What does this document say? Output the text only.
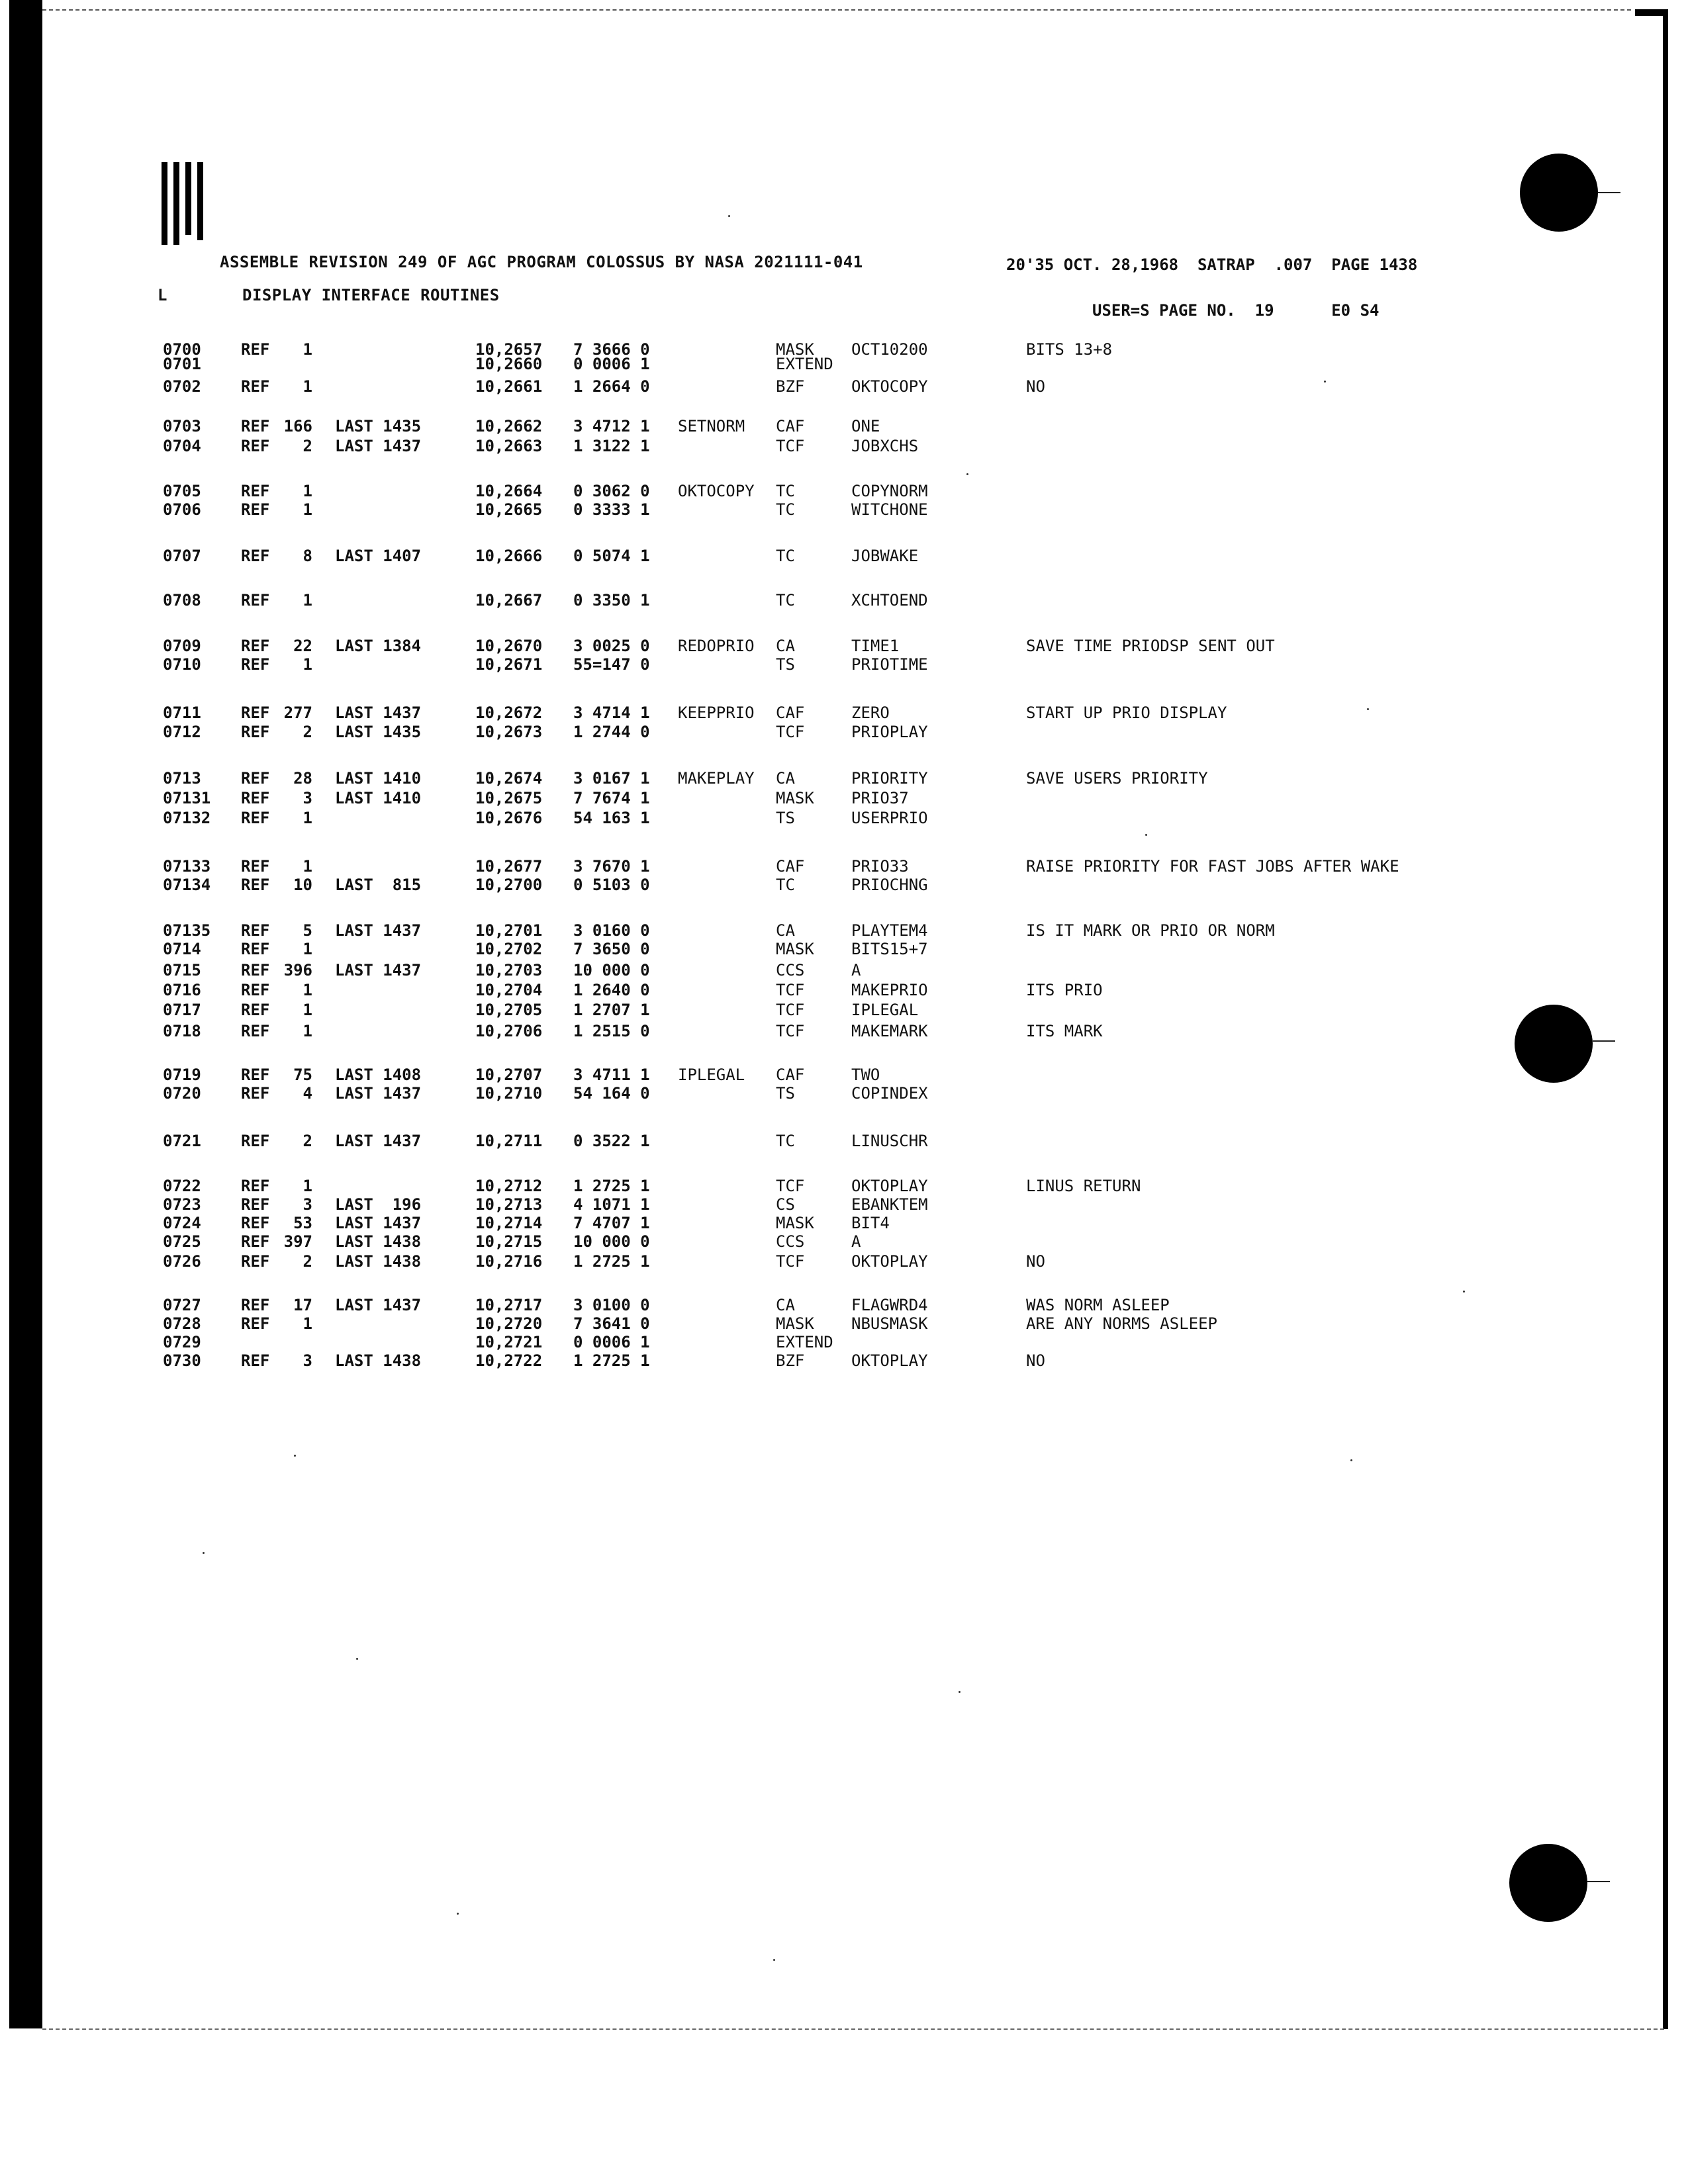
ASSEMBLE REVISION 249 OF AGC PROGRAM COLOSSUS BY NASA 2021111-041	20'35 OCT. 28,1968  SATRAP  .007  PAGE 1438
L	DISPLAY INTERFACE ROUTINES
USER=S PAGE NO.  19      E0 S4
0700	REF	1	10,2657 7 3666 0	MASK OCT10200	BITS 13+8
0701	10,2660 0 0006 1	EXTEND
0702	REF	1	10,2661 1 2664 0	BZF	OKTOCOPY	NO
0703	REF 166 LAST 1435	10,2662 3 4712 1 SETNORM CAF	ONE
0704	REF	2 LAST 1437	10,2663 1 3122 1	TCF	JOBXCHS
0705	REF	1	10,2664 0 3062 0 OKTOCOPY TC	COPYNORM
0706	REF	1	10,2665 0 3333 1	TC	WITCHONE
0707	REF	8 LAST 1407	10,2666 0 5074 1	TC	JOBWAKE
0708	REF	1	10,2667 0 3350 1	TC	XCHTOEND
0709	REF	22 LAST 1384	10,2670 3 0025 0 REDOPRIO CA	TIME1	SAVE TIME PRIODSP SENT OUT
0710	REF	1	10,2671 55=147 0	TS	PRIOTIME
0711	REF 277 LAST 1437	10,2672 3 4714 1 KEEPPRIO CAF	ZERO	START UP PRIO DISPLAY
0712	REF	2 LAST 1435	10,2673 1 2744 0	TCF	PRIOPLAY
0713	REF	28 LAST 1410	10,2674 3 0167 1 MAKEPLAY CA	PRIORITY	SAVE USERS PRIORITY
07131 REF	3 LAST 1410	10,2675 7 7674 1	MASK PRIO37
07132 REF	1	10,2676 54 163 1	TS	USERPRIO
07133 REF	1	10,2677 3 7670 1	CAF	PRIO33	RAISE PRIORITY FOR FAST JOBS AFTER WAKE
07134 REF	10 LAST  815	10,2700 0 5103 0	TC	PRIOCHNG
07135 REF	5 LAST 1437	10,2701 3 0160 0	CA	PLAYTEM4	IS IT MARK OR PRIO OR NORM
0714	REF	1	10,2702 7 3650 0	MASK BITS15+7
0715	REF 396 LAST 1437	10,2703 10 000 0	CCS	A
0716	REF	1	10,2704 1 2640 0	TCF	MAKEPRIO	ITS PRIO
0717	REF	1	10,2705 1 2707 1	TCF	IPLEGAL
0718	REF	1	10,2706 1 2515 0	TCF	MAKEMARK	ITS MARK
0719	REF	75 LAST 1408	10,2707 3 4711 1 IPLEGAL CAF	TWO
0720	REF	4 LAST 1437	10,2710 54 164 0	TS	COPINDEX
0721	REF	2 LAST 1437	10,2711 0 3522 1	TC	LINUSCHR
0722	REF	1	10,2712 1 2725 1	TCF	OKTOPLAY	LINUS RETURN
0723	REF	3 LAST  196	10,2713 4 1071 1	CS	EBANKTEM
0724	REF	53 LAST 1437	10,2714 7 4707 1	MASK BIT4
0725	REF 397 LAST 1438	10,2715 10 000 0	CCS	A
0726	REF	2 LAST 1438	10,2716 1 2725 1	TCF	OKTOPLAY	NO
0727	REF	17 LAST 1437	10,2717 3 0100 0	CA	FLAGWRD4	WAS NORM ASLEEP
0728	REF	1	10,2720 7 3641 0	MASK NBUSMASK	ARE ANY NORMS ASLEEP
0729	10,2721 0 0006 1	EXTEND
0730	REF	3 LAST 1438	10,2722 1 2725 1	BZF	OKTOPLAY	NO
